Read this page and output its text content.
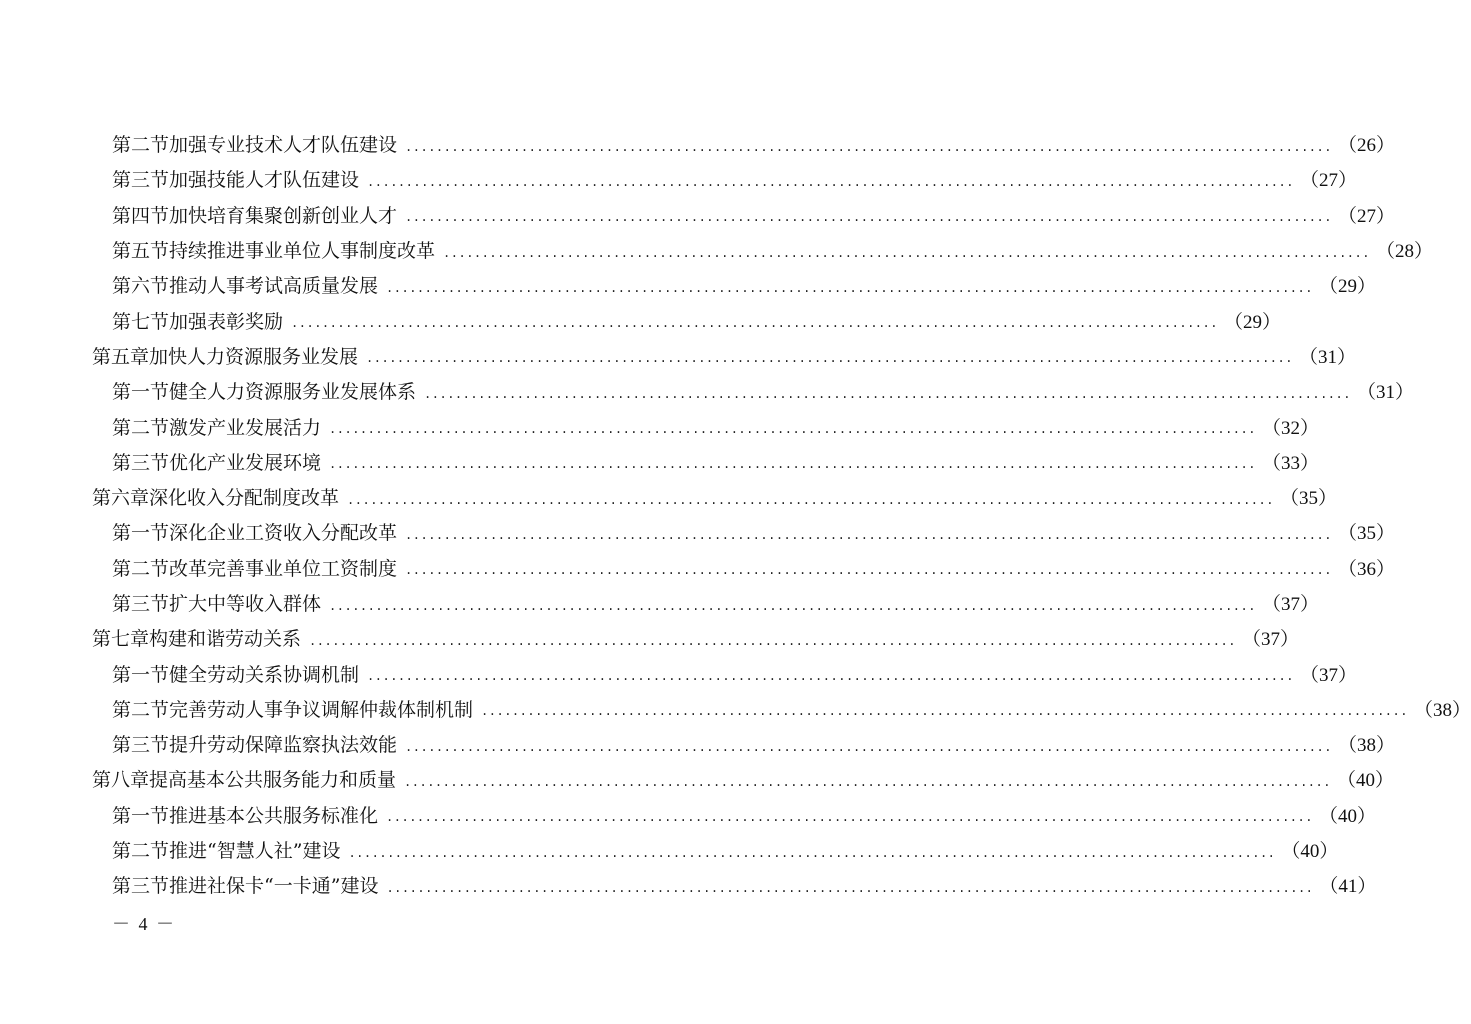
第二节 加强专业技术人才队伍建设 ........................................................................................................................ （26）
第三节 加强技能人才队伍建设 ........................................................................................................................ （27）
第四节 加快培育集聚创新创业人才 ........................................................................................................................ （27）
第五节 持续推进事业单位人事制度改革 ........................................................................................................................ （28）
第六节 推动人事考试高质量发展 ........................................................................................................................ （29）
第七节 加强表彰奖励 ........................................................................................................................ （29）
第五章 加快人力资源服务业发展 ........................................................................................................................ （31）
第一节 健全人力资源服务业发展体系 ........................................................................................................................ （31）
第二节 激发产业发展活力 ........................................................................................................................ （32）
第三节 优化产业发展环境 ........................................................................................................................ （33）
第六章 深化收入分配制度改革 ........................................................................................................................ （35）
第一节 深化企业工资收入分配改革 ........................................................................................................................ （35）
第二节 改革完善事业单位工资制度 ........................................................................................................................ （36）
第三节 扩大中等收入群体 ........................................................................................................................ （37）
第七章 构建和谐劳动关系 ........................................................................................................................ （37）
第一节 健全劳动关系协调机制 ........................................................................................................................ （37）
第二节 完善劳动人事争议调解仲裁体制机制 ........................................................................................................................ （38）
第三节 提升劳动保障监察执法效能 ........................................................................................................................ （38）
第八章 提高基本公共服务能力和质量 ........................................................................................................................ （40）
第一节 推进基本公共服务标准化 ........................................................................................................................ （40）
第二节 推进“智慧人社”建设 ........................................................................................................................ （40）
第三节 推进社保卡“一卡通”建设 ........................................................................................................................ （41）
－ 4 －
